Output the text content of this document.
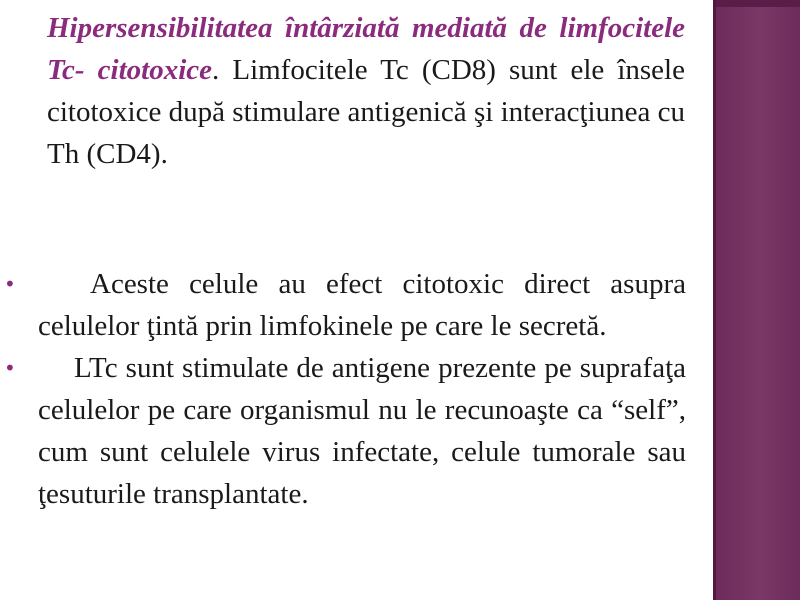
Hipersensibilitatea întârziată mediată de limfocitele Tc- citotoxice. Limfocitele Tc (CD8) sunt ele însele citotoxice după stimulare antigenică şi interacţiunea cu Th (CD4).
•	Aceste celule au efect citotoxic direct asupra celulelor ţintă prin limfokinele pe care le secretă.
• LTc sunt stimulate de antigene prezente pe suprafaţa celulelor pe care organismul nu le recunoaşte ca “self”, cum sunt celulele virus infectate, celule tumorale sau ţesuturile transplantate.
